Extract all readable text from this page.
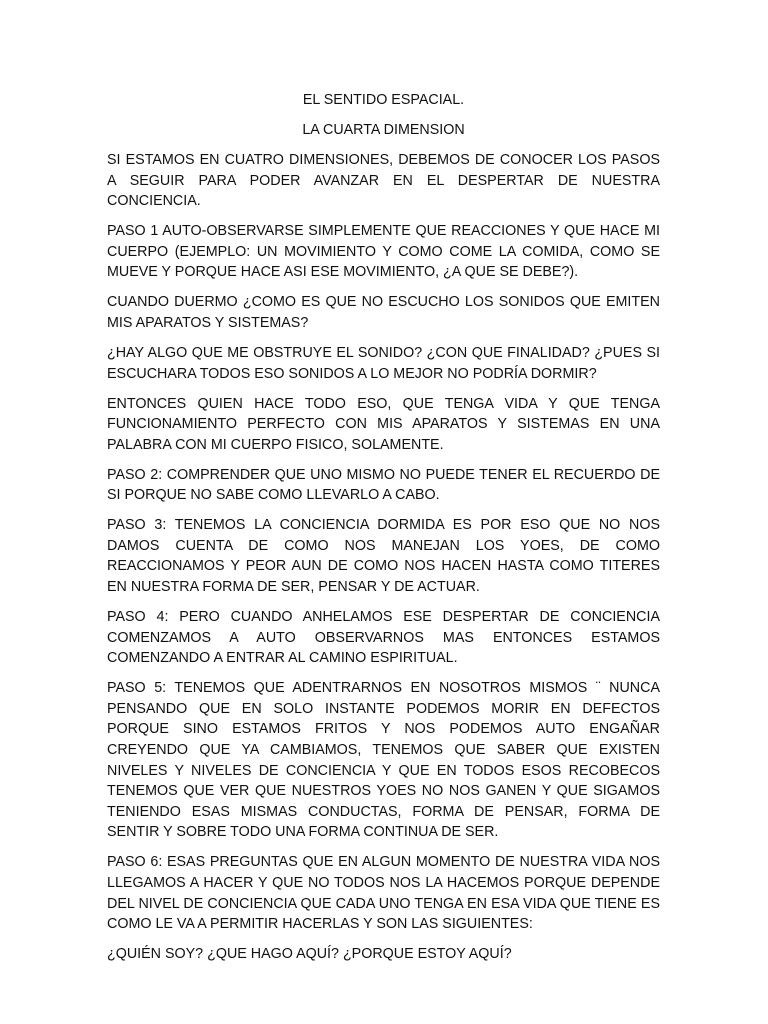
EL SENTIDO ESPACIAL.
LA CUARTA DIMENSION

SI ESTAMOS EN CUATRO DIMENSIONES, DEBEMOS DE CONOCER LOS PASOS A SEGUIR PARA PODER AVANZAR EN EL DESPERTAR DE NUESTRA CONCIENCIA.

PASO 1 AUTO-OBSERVARSE SIMPLEMENTE QUE REACCIONES Y QUE HACE MI CUERPO (EJEMPLO: UN MOVIMIENTO Y COMO COME LA COMIDA, COMO SE MUEVE Y PORQUE HACE ASI ESE MOVIMIENTO, ¿A QUE SE DEBE?).

CUANDO DUERMO ¿COMO ES QUE NO ESCUCHO LOS SONIDOS QUE EMITEN MIS APARATOS Y SISTEMAS?

¿HAY ALGO QUE ME OBSTRUYE EL SONIDO? ¿CON QUE FINALIDAD? ¿PUES SI ESCUCHARA TODOS ESO SONIDOS A LO MEJOR NO PODRÍA DORMIR?

ENTONCES QUIEN HACE TODO ESO, QUE TENGA VIDA Y QUE TENGA FUNCIONAMIENTO PERFECTO CON MIS APARATOS Y SISTEMAS EN UNA PALABRA CON MI CUERPO FISICO, SOLAMENTE.

PASO 2: COMPRENDER QUE UNO MISMO NO PUEDE TENER EL RECUERDO DE SI PORQUE NO SABE COMO LLEVARLO A CABO.

PASO 3: TENEMOS LA CONCIENCIA DORMIDA ES POR ESO QUE NO NOS DAMOS CUENTA DE COMO NOS MANEJAN LOS YOES, DE COMO REACCIONAMOS Y PEOR AUN DE COMO NOS HACEN HASTA COMO TITERES EN NUESTRA FORMA DE SER, PENSAR Y DE ACTUAR.

PASO 4: PERO CUANDO ANHELAMOS ESE DESPERTAR DE CONCIENCIA COMENZAMOS A AUTO OBSERVARNOS MAS ENTONCES ESTAMOS COMENZANDO A ENTRAR AL CAMINO ESPIRITUAL.

PASO 5: TENEMOS QUE ADENTRARNOS EN NOSOTROS MISMOS ¨ NUNCA PENSANDO QUE EN SOLO INSTANTE PODEMOS MORIR EN DEFECTOS PORQUE SINO ESTAMOS FRITOS Y NOS PODEMOS AUTO ENGAÑAR CREYENDO QUE YA CAMBIAMOS, TENEMOS QUE SABER QUE EXISTEN NIVELES Y NIVELES DE CONCIENCIA Y QUE EN TODOS ESOS RECOBECOS TENEMOS QUE VER QUE NUESTROS YOES NO NOS GANEN Y QUE SIGAMOS TENIENDO ESAS MISMAS CONDUCTAS, FORMA DE PENSAR, FORMA DE SENTIR Y SOBRE TODO UNA FORMA CONTINUA DE SER.

PASO 6: ESAS PREGUNTAS QUE EN ALGUN MOMENTO DE NUESTRA VIDA NOS LLEGAMOS A HACER Y QUE NO TODOS NOS LA HACEMOS PORQUE DEPENDE DEL NIVEL DE CONCIENCIA QUE CADA UNO TENGA EN ESA VIDA QUE TIENE ES COMO LE VA A PERMITIR HACERLAS Y SON LAS SIGUIENTES:

¿QUIÉN SOY? ¿QUE HAGO AQUÍ? ¿PORQUE ESTOY AQUÍ?
